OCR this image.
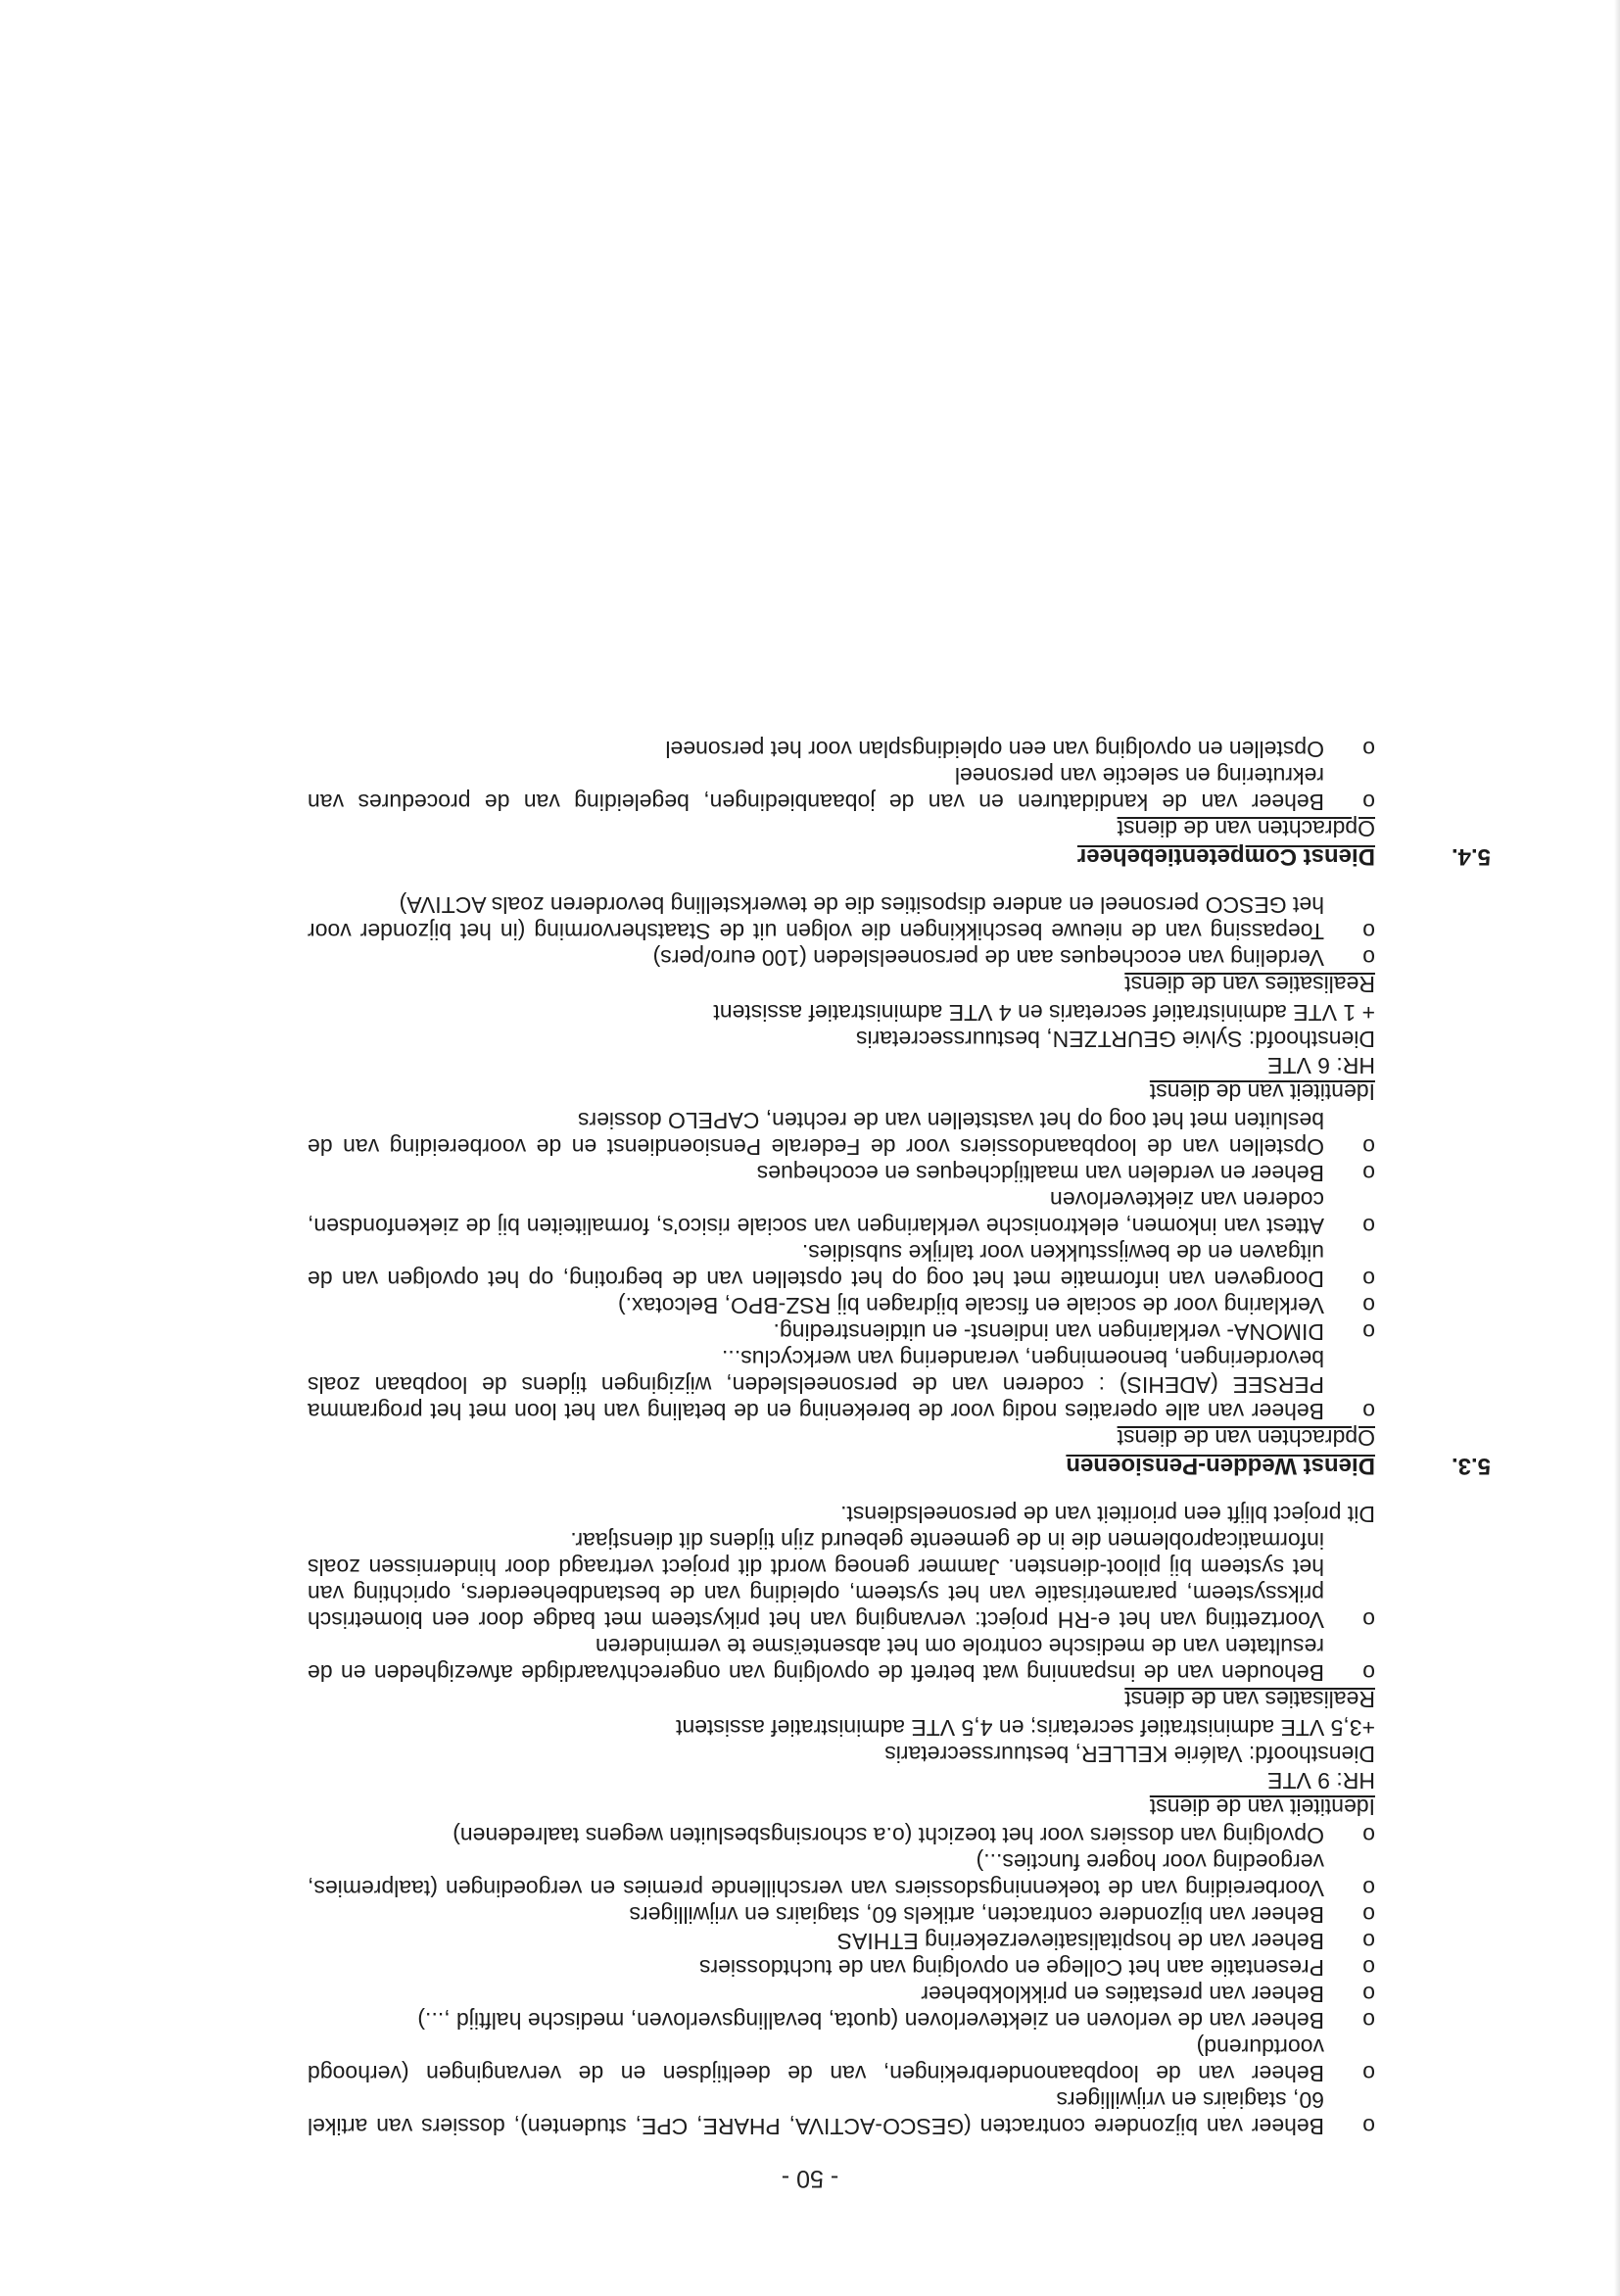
- 50 -
o Beheer van bijzondere contracten (GESCO-ACTIVA, PHARE, CPE, studenten), dossiers van artikel 60, stagiairs en vrijwilligers
o Beheer van de loopbaanonderbrekingen, van de deeltijdsen en de vervangingen (verhoogd voortdurend)
o Beheer van de verloven en ziekteverloven (quota, bevallingsverloven, medische halftijd ,...)
o Beheer van prestaties en prikklokbeheer
o Presentatie aan het College en opvolging van de tuchtdossiers
o Beheer van de hospitalisatieverzekering ETHIAS
o Beheer van bijzondere contracten, artikels 60, stagiairs en vrijwilligers
o Voorbereiding van de toekenningsdossiers van verschillende premies en vergoedingen (taalpremies, vergoeding voor hogere functies...)
o Opvolging van dossiers voor het toezicht (o.a schorsingsbesluiten wegens taalredenen)
Identiteit van de dienst
HR: 9 VTE
Diensthoofd: Valérie KELLER, bestuurssecretaris
+3,5 VTE administratief secretaris; en 4,5 VTE administratief assistent
Realisaties van de dienst
o Behouden van de inspanning wat betreft de opvolging van ongerechtvaardigde afwezigheden en de resultaten van de medische controle om het absenteïsme te verminderen
o Voortzetting van het e-RH project: vervanging van het prikysteem met badge door een biometrisch prikssysteem, parametrisatie van het systeem, opleiding van de bestandbeheerders, oprichting van het systeem bij piloot-diensten. Jammer genoeg wordt dit project vertraagd door hindernissen zoals informaticaproblemen die in de gemeente gebeurd zijn tijdens dit dienstjaar.
Dit project blijft een prioriteit van de personeelsdienst.
5.3.
Dienst Wedden-Pensioenen
Opdrachten van de dienst
o Beheer van alle operaties nodig voor de berekening en de betaling van het loon met het programma PERSEE (ADEHIS) : coderen van de personeelsleden, wijzigingen tijdens de loopbaan zoals bevorderingen, benoemingen, verandering van werkcyclus...
o DIMONA- verklaringen van indienst- en uitdienstreding.
o Verklaring voor de sociale en fiscale bijdragen bij RSZ-BPO, Belcotax.)
o Doorgeven van informatie met het oog op het opstellen van de begroting, op het opvolgen van de uitgaven en de bewijsstukken voor talrijke subsidies.
o Attest van inkomen, elektronische verklaringen van sociale risico's, formaliteiten bij de ziekenfondsen, coderen van ziekteverloven
o Beheer en verdelen van maaltijdcheques en ecocheques
o Opstellen van de loopbaandossiers voor de Federale Pensioendienst en de voorbereiding van de besluiten met het oog op het vaststellen van de rechten, CAPELO dossiers
Identiteit van de dienst
HR: 6 VTE
Diensthoofd: Sylvie GEURTZEN, bestuurssecretaris
+ 1 VTE administratief secretaris en 4 VTE administratief assistent
Realisaties van de dienst
o Verdeling van ecocheques aan de personeelsleden (100 euro/pers)
o Toepassing van de nieuwe beschikkingen die volgen uit de Staatshervorming (in het bijzonder voor het GESCO personeel en andere disposities die de tewerkstelling bevorderen zoals ACTIVA)
5.4.
Dienst Competentiebeheer
Opdrachten van de dienst
o Beheer van de kandidaturen en van de jobaanbiedingen, begeleiding van de procedures van rekrutering en selectie van personeel
o Opstellen en opvolging van een opleidingsplan voor het personeel
